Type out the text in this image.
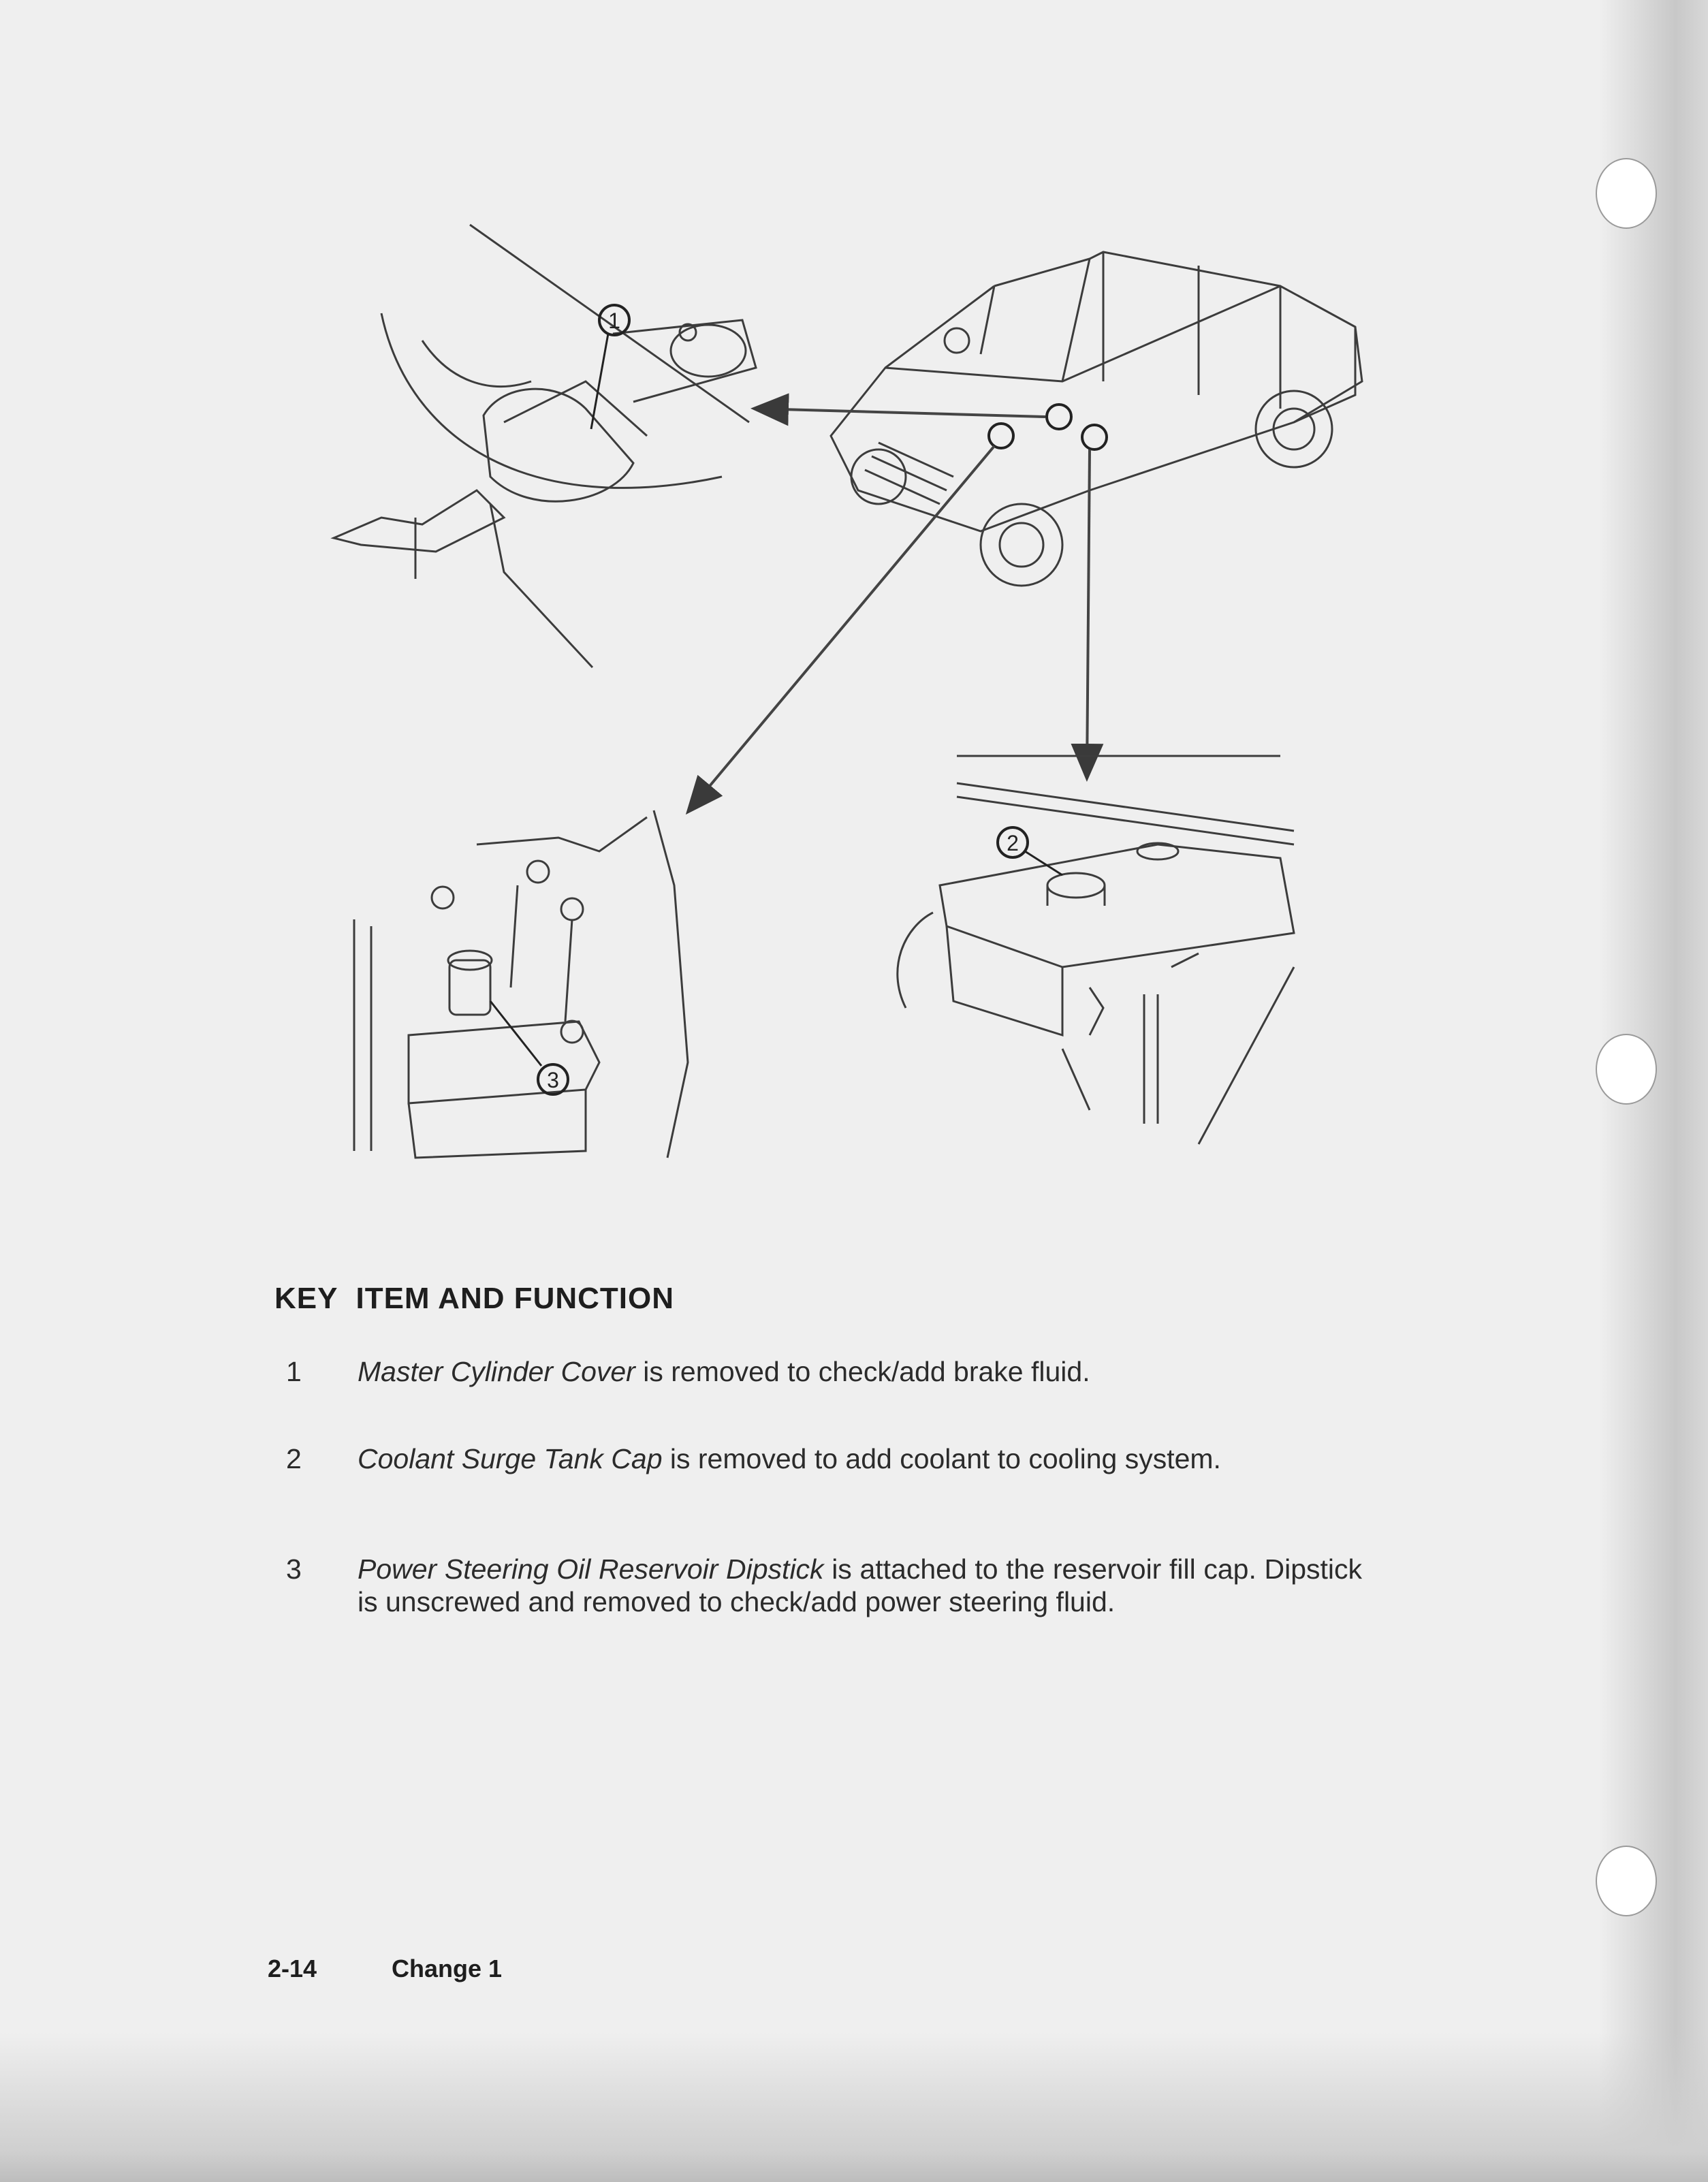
1
2
3
KEY ITEM AND FUNCTION
1	Master Cylinder Cover is removed to check/add brake fluid.
2	Coolant Surge Tank Cap is removed to add coolant to cooling system.
3	Power Steering Oil Reservoir Dipstick is attached to the reservoir fill cap. Dipstick is unscrewed and removed to check/add power steering fluid.
2-14	Change 1
